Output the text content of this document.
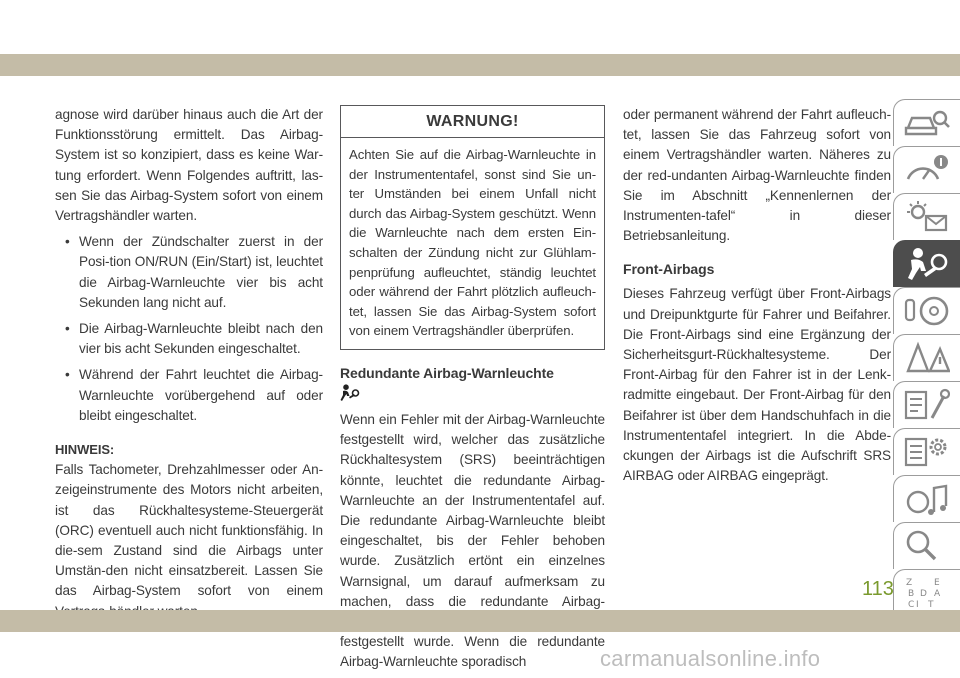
agnose wird darüber hinaus auch die Art der Funktionsstörung ermittelt. Das Airbag-System ist so konzipiert, dass es keine War-tung erfordert. Wenn Folgendes auftritt, las-sen Sie das Airbag-System sofort von einem Vertragshändler warten.

• Wenn der Zündschalter zuerst in der Posi-tion ON/RUN (Ein/Start) ist, leuchtet die Airbag-Warnleuchte vier bis acht Sekunden lang nicht auf.

• Die Airbag-Warnleuchte bleibt nach den vier bis acht Sekunden eingeschaltet.

• Während der Fahrt leuchtet die Airbag-Warnleuchte vorübergehend auf oder bleibt eingeschaltet.

HINWEIS:

Falls Tachometer, Drehzahlmesser oder An-zeigeinstrumente des Motors nicht arbeiten, ist das Rückhaltesysteme-Steuergerät (ORC) eventuell auch nicht funktionsfähig. In die-sem Zustand sind die Airbags unter Umstän-den nicht einsatzbereit. Lassen Sie das Airbag-System sofort von einem

WARNUNG!

Achten Sie auf die Airbag-Warnleuchte in der Instrumententafel, sonst sind Sie un-ter Umständen bei einem Unfall nicht durch das Airbag-System geschützt. Wenn die Warnleuchte nach dem ersten Ein-schalten der Zündung nicht zur Glühlam-penprüfung aufleuchtet, ständig leuchtet oder während der Fahrt plötzlich aufleuch-tet, lassen Sie das Airbag-System sofort von einem Vertragshändler überprüfen.

Redundante Airbag-Warnleuchte

Wenn ein Fehler mit der Airbag-Warnleuchte festgestellt wird, welcher das zusätzliche Rückhaltesystem (SRS) beeinträchtigen könnte, leuchtet die redundante Airbag-Warnleuchte an der Instrumententafel auf. Die redundante Airbag-Warnleuchte bleibt eingeschaltet, bis der Fehler behoben wurde. Zusätzlich ertönt ein einzelnes Warnsignal, um darauf aufmerksam zu machen, dass die redundante Airbag- festgestellt wurde. Wenn die redundante Airbag-Warnleuchte sporadisch

oder permanent während der Fahrt aufleuch-tet, lassen Sie das Fahrzeug sofort von einem Vertragshändler warten. Näheres zu der red-undanten Airbag-Warnleuchte finden Sie im Abschnitt „Kennenlernen der Instrumenten-tafel“ in dieser Betriebsanleitung.

Front-Airbags

Dieses Fahrzeug verfügt über Front-Airbags und Dreipunktgurte für Fahrer und Beifahrer. Die Front-Airbags sind eine Ergänzung der Sicherheitsgurt-Rückhaltesysteme. Der Front-Airbag für den Fahrer ist in der Lenk-radmitte eingebaut. Der Front-Airbag für den Beifahrer ist über dem Handschuhfach in die Instrumententafel integriert. In die Abde-ckungen der Airbags ist die Aufschrift SRS AIRBAG oder AIRBAG eingeprägt.

Z E
B A
I
C T
D
113
carmanualsonline.info
